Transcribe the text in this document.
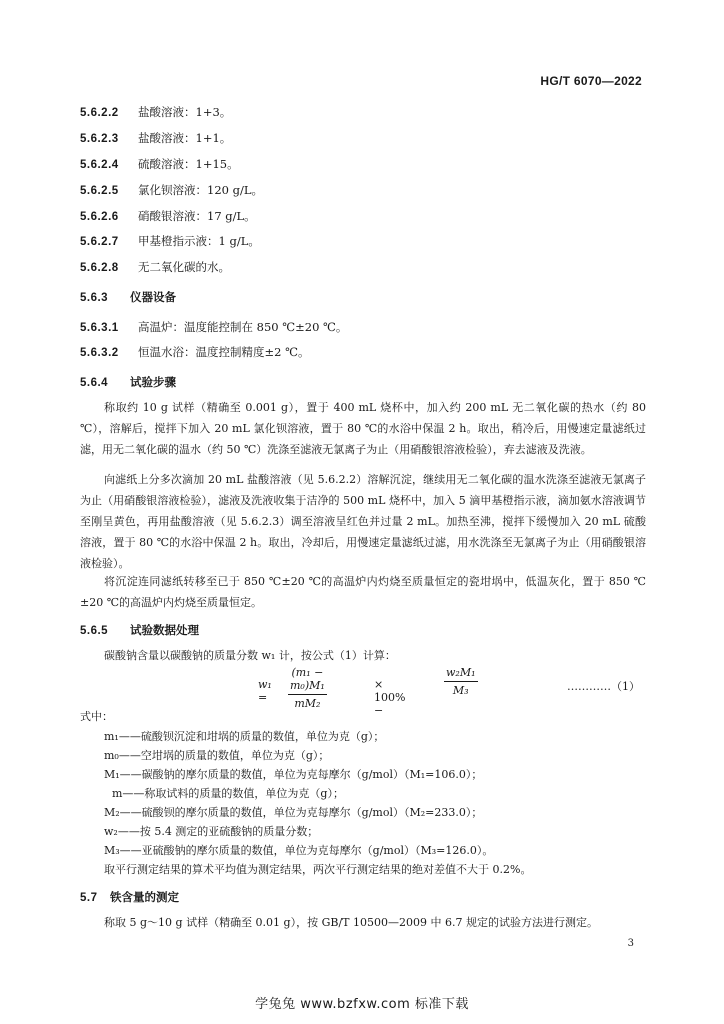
HG/T 6070—2022
5.6.2.2 盐酸溶液：1+3。
5.6.2.3 盐酸溶液：1+1。
5.6.2.4 硫酸溶液：1+15。
5.6.2.5 氯化钡溶液：120 g/L。
5.6.2.6 硝酸银溶液：17 g/L。
5.6.2.7 甲基橙指示液：1 g/L。
5.6.2.8 无二氧化碳的水。
5.6.3 仪器设备
5.6.3.1 高温炉：温度能控制在 850 ℃±20 ℃。
5.6.3.2 恒温水浴：温度控制精度±2 ℃。
5.6.4 试验步骤
称取约 10 g 试样（精确至 0.001 g），置于 400 mL 烧杯中，加入约 200 mL 无二氧化碳的热水（约 80 ℃），溶解后，搅拌下加入 20 mL 氯化钡溶液，置于 80 ℃的水浴中保温 2 h。取出，稍冷后，用慢速定量滤纸过滤，用无二氧化碳的温水（约 50 ℃）洗涤至滤液无氯离子为止（用硝酸银溶液检验），弃去滤液及洗液。
向滤纸上分多次滴加 20 mL 盐酸溶液（见 5.6.2.2）溶解沉淀，继续用无二氧化碳的温水洗涤至滤液无氯离子为止（用硝酸银溶液检验），滤液及洗液收集于洁净的 500 mL 烧杯中，加入 5 滴甲基橙指示液，滴加氨水溶液调节至刚呈黄色，再用盐酸溶液（见 5.6.2.3）调至溶液呈红色并过量 2 mL。加热至沸，搅拌下缓慢加入 20 mL 硫酸溶液，置于 80 ℃的水浴中保温 2 h。取出，冷却后，用慢速定量滤纸过滤，用水洗涤至无氯离子为止（用硝酸银溶液检验）。
将沉淀连同滤纸转移至已于 850 ℃±20 ℃的高温炉内灼烧至质量恒定的瓷坩埚中，低温灰化，置于 850 ℃±20 ℃的高温炉内灼烧至质量恒定。
5.6.5 试验数据处理
碳酸钠含量以碳酸钠的质量分数 w₁ 计，按公式（1）计算：
w₁ =	$\frac{\text{(m₁ − m₀)M₁}}{\text{mM₂}}$	× 100% −
$\frac{\text{w₂M₁}}{\text{M₃}}$	…………（1）
式中：
m₁——硫酸钡沉淀和坩埚的质量的数值，单位为克（g）；
m₀——空坩埚的质量的数值，单位为克（g）；
M₁——碳酸钠的摩尔质量的数值，单位为克每摩尔（g/mol）（M₁=106.0）；
m——称取试料的质量的数值，单位为克（g）；
M₂——硫酸钡的摩尔质量的数值，单位为克每摩尔（g/mol）（M₂=233.0）；
w₂——按 5.4 测定的亚硫酸钠的质量分数；
M₃——亚硫酸钠的摩尔质量的数值，单位为克每摩尔（g/mol）（M₃=126.0）。
取平行测定结果的算术平均值为测定结果，两次平行测定结果的绝对差值不大于 0.2%。
5.7 铁含量的测定
称取 5 g～10 g 试样（精确至 0.01 g），按 GB/T 10500—2009 中 6.7 规定的试验方法进行测定。
3
学兔兔 www.bzfxw.com 标准下载
